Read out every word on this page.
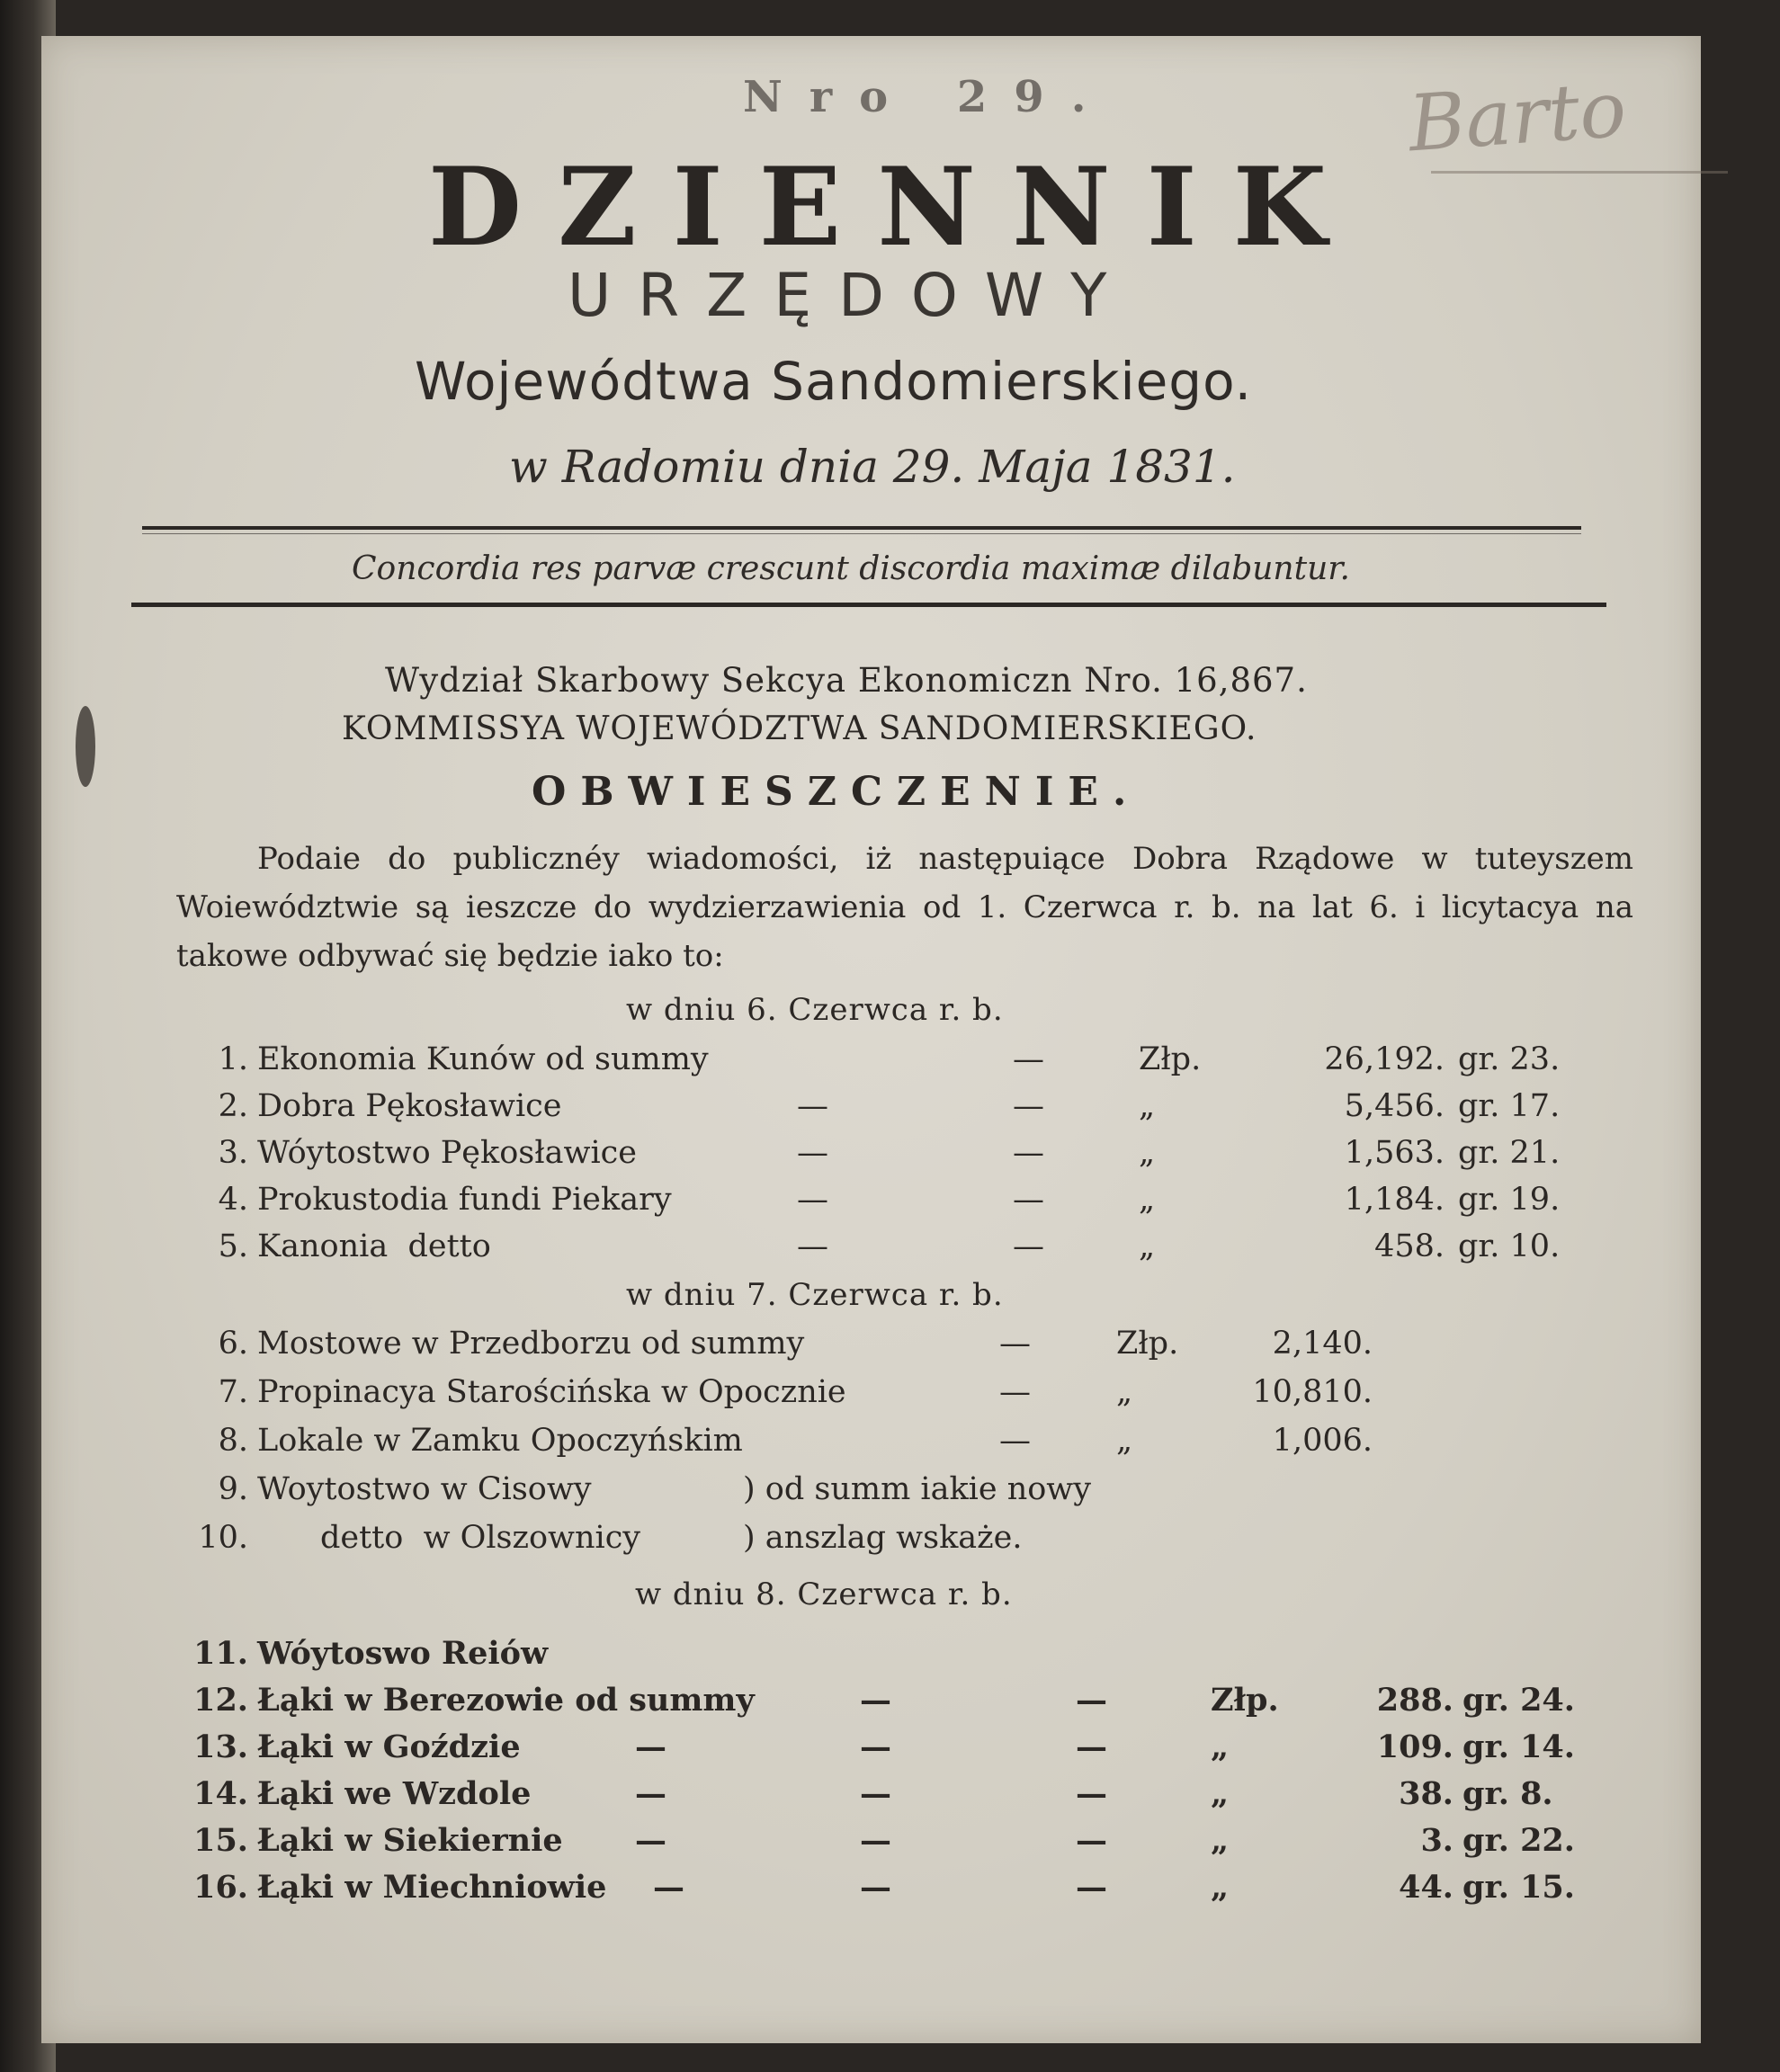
Nro 29.	Barto
DZIENNIK
URZĘDOWY
Wojewódtwa Sandomierskiego.
w Radomiu dnia 29. Maja 1831.
Concordia res parvæ crescunt discordia maximæ dilabuntur.
Wydział Skarbowy Sekcya Ekonomiczn Nro. 16,867.
KOMMISSYA WOJEWÓDZTWA SANDOMIERSKIEGO.
OBWIESZCZENIE.
Podaie do publicznéy wiadomości, iż następuiące Dobra Rządowe w tuteyszem Woiewództwie są ieszcze do wydzierzawienia od 1. Czerwca r. b. na lat 6. i licytacya na takowe odbywać się będzie iako to:
w dniu 6. Czerwca r. b.
1. Ekonomia Kunów od summy	—	Złp.	26,192. gr. 23.
2. Dobra Pękosławice	—	—	„	5,456. gr. 17.
3. Wóytostwo Pękosławice	—	—	„	1,563. gr. 21.
4. Prokustodia fundi Piekary	—	—	„	1,184. gr. 19.
5. Kanonia  detto	—	—	„	458. gr. 10.
w dniu 7. Czerwca r. b.
6. Mostowe w Przedborzu od summy	—	Złp.	2,140.
7. Propinacya Starościńska w Opocznie	—	„	10,810.
8. Lokale w Zamku Opoczyńskim	—	„	1,006.
9. Woytostwo w Cisowy	) od summ iakie nowy
10. detto  w Olszownicy	) anszlag wskaże.
w dniu 8. Czerwca r. b.
11. Wóytoswo Reiów
12. Łąki w Berezowie od summy	—	—	Złp.	288. gr. 24.
13. Łąki w Goździe	—	—	—	„	109. gr. 14.
14. Łąki we Wzdole	—	—	—	„	38. gr. 8.
15. Łąki w Siekiernie —	—	—	„	3. gr. 22.
16. Łąki w Miechniowie —	—	—	„	44. gr. 15.
